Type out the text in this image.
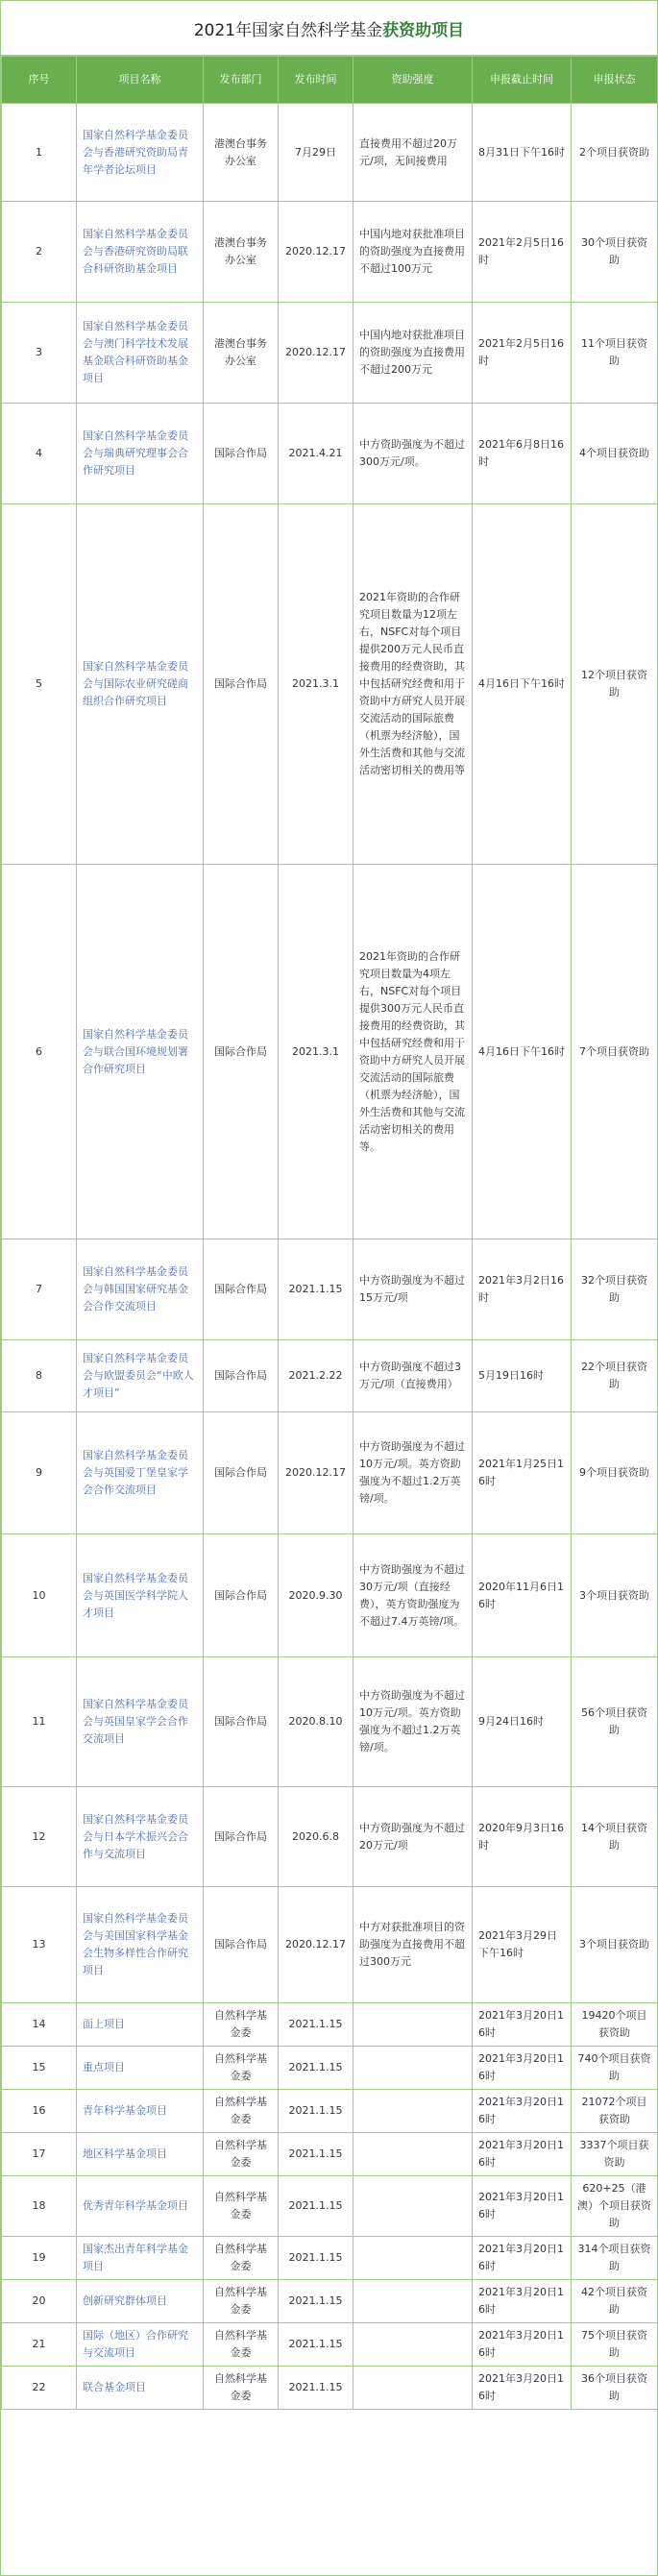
2021年国家自然科学基金 获资助项目
序号	项目名称	发布部门	发布时间	资助强度	申报截止时间	申报状态
1	国家自然科学基金委员会与香港研究资助局青年学者论坛项目	港澳台事务办公室	7月29日	直接费用不超过20万元/项，无间接费用	8月31日下午16时	2个项目获资助
2	国家自然科学基金委员会与香港研究资助局联合科研资助基金项目	港澳台事务办公室	2020.12.17	中国内地对获批准项目的资助强度为直接费用不超过100万元	2021年2月5日16时	30个项目获资助
3	国家自然科学基金委员会与澳门科学技术发展基金联合科研资助基金项目	港澳台事务办公室	2020.12.17	中国内地对获批准项目的资助强度为直接费用不超过200万元	2021年2月5日16时	11个项目获资助
4	国家自然科学基金委员会与瑞典研究理事会合作研究项目	国际合作局	2021.4.21	中方资助强度为不超过300万元/项。	2021年6月8日16时	4个项目获资助
5	国家自然科学基金委员会与国际农业研究磋商组织合作研究项目	国际合作局	2021.3.1	2021年资助的合作研究项目数量为12项左右，NSFC对每个项目提供200万元人民币直接费用的经费资助，其中包括研究经费和用于资助中方研究人员开展交流活动的国际旅费（机票为经济舱），国外生活费和其他与交流活动密切相关的费用等	4月16日下午16时	12个项目获资助
6	国家自然科学基金委员会与联合国环境规划署合作研究项目	国际合作局	2021.3.1	2021年资助的合作研究项目数量为4项左右，NSFC对每个项目提供300万元人民币直接费用的经费资助，其中包括研究经费和用于资助中方研究人员开展交流活动的国际旅费（机票为经济舱），国外生活费和其他与交流活动密切相关的费用等。	4月16日下午16时	7个项目获资助
7	国家自然科学基金委员会与韩国国家研究基金会合作交流项目	国际合作局	2021.1.15	中方资助强度为不超过15万元/项	2021年3月2日16时	32个项目获资助
8	国家自然科学基金委员会与欧盟委员会“中欧人才项目”	国际合作局	2021.2.22	中方资助强度不超过3万元/项（直接费用）	5月19日16时	22个项目获资助
9	国家自然科学基金委员会与英国爱丁堡皇家学会合作交流项目	国际合作局	2020.12.17	中方资助强度为不超过10万元/项。英方资助强度为不超过1.2万英镑/项。	2021年1月25日16时	9个项目获资助
10	国家自然科学基金委员会与英国医学科学院人才项目	国际合作局	2020.9.30	中方资助强度为不超过30万元/项（直接经费），英方资助强度为不超过7.4万英镑/项。	2020年11月6日16时	3个项目获资助
11	国家自然科学基金委员会与英国皇家学会合作交流项目	国际合作局	2020.8.10	中方资助强度为不超过10万元/项。英方资助强度为不超过1.2万英镑/项。	9月24日16时	56个项目获资助
12	国家自然科学基金委员会与日本学术振兴会合作与交流项目	国际合作局	2020.6.8	中方资助强度为不超过20万元/项	2020年9月3日16时	14个项目获资助
13	国家自然科学基金委员会与美国国家科学基金会生物多样性合作研究项目	国际合作局	2020.12.17	中方对获批准项目的资助强度为直接费用不超过300万元	2021年3月29日下午16时	3个项目获资助
14	面上项目	自然科学基金委	2021.1.15		2021年3月20日16时	19420个项目获资助
15	重点项目	自然科学基金委	2021.1.15		2021年3月20日16时	740个项目获资助
16	青年科学基金项目	自然科学基金委	2021.1.15		2021年3月20日16时	21072个项目获资助
17	地区科学基金项目	自然科学基金委	2021.1.15		2021年3月20日16时	3337个项目获资助
18	优秀青年科学基金项目	自然科学基金委	2021.1.15		2021年3月20日16时	620+25（港澳）个项目获资助
19	国家杰出青年科学基金项目	自然科学基金委	2021.1.15		2021年3月20日16时	314个项目获资助
20	创新研究群体项目	自然科学基金委	2021.1.15		2021年3月20日16时	42个项目获资助
21	国际（地区）合作研究与交流项目	自然科学基金委	2021.1.15		2021年3月20日16时	75个项目获资助
22	联合基金项目	自然科学基金委	2021.1.15		2021年3月20日16时	36个项目获资助
